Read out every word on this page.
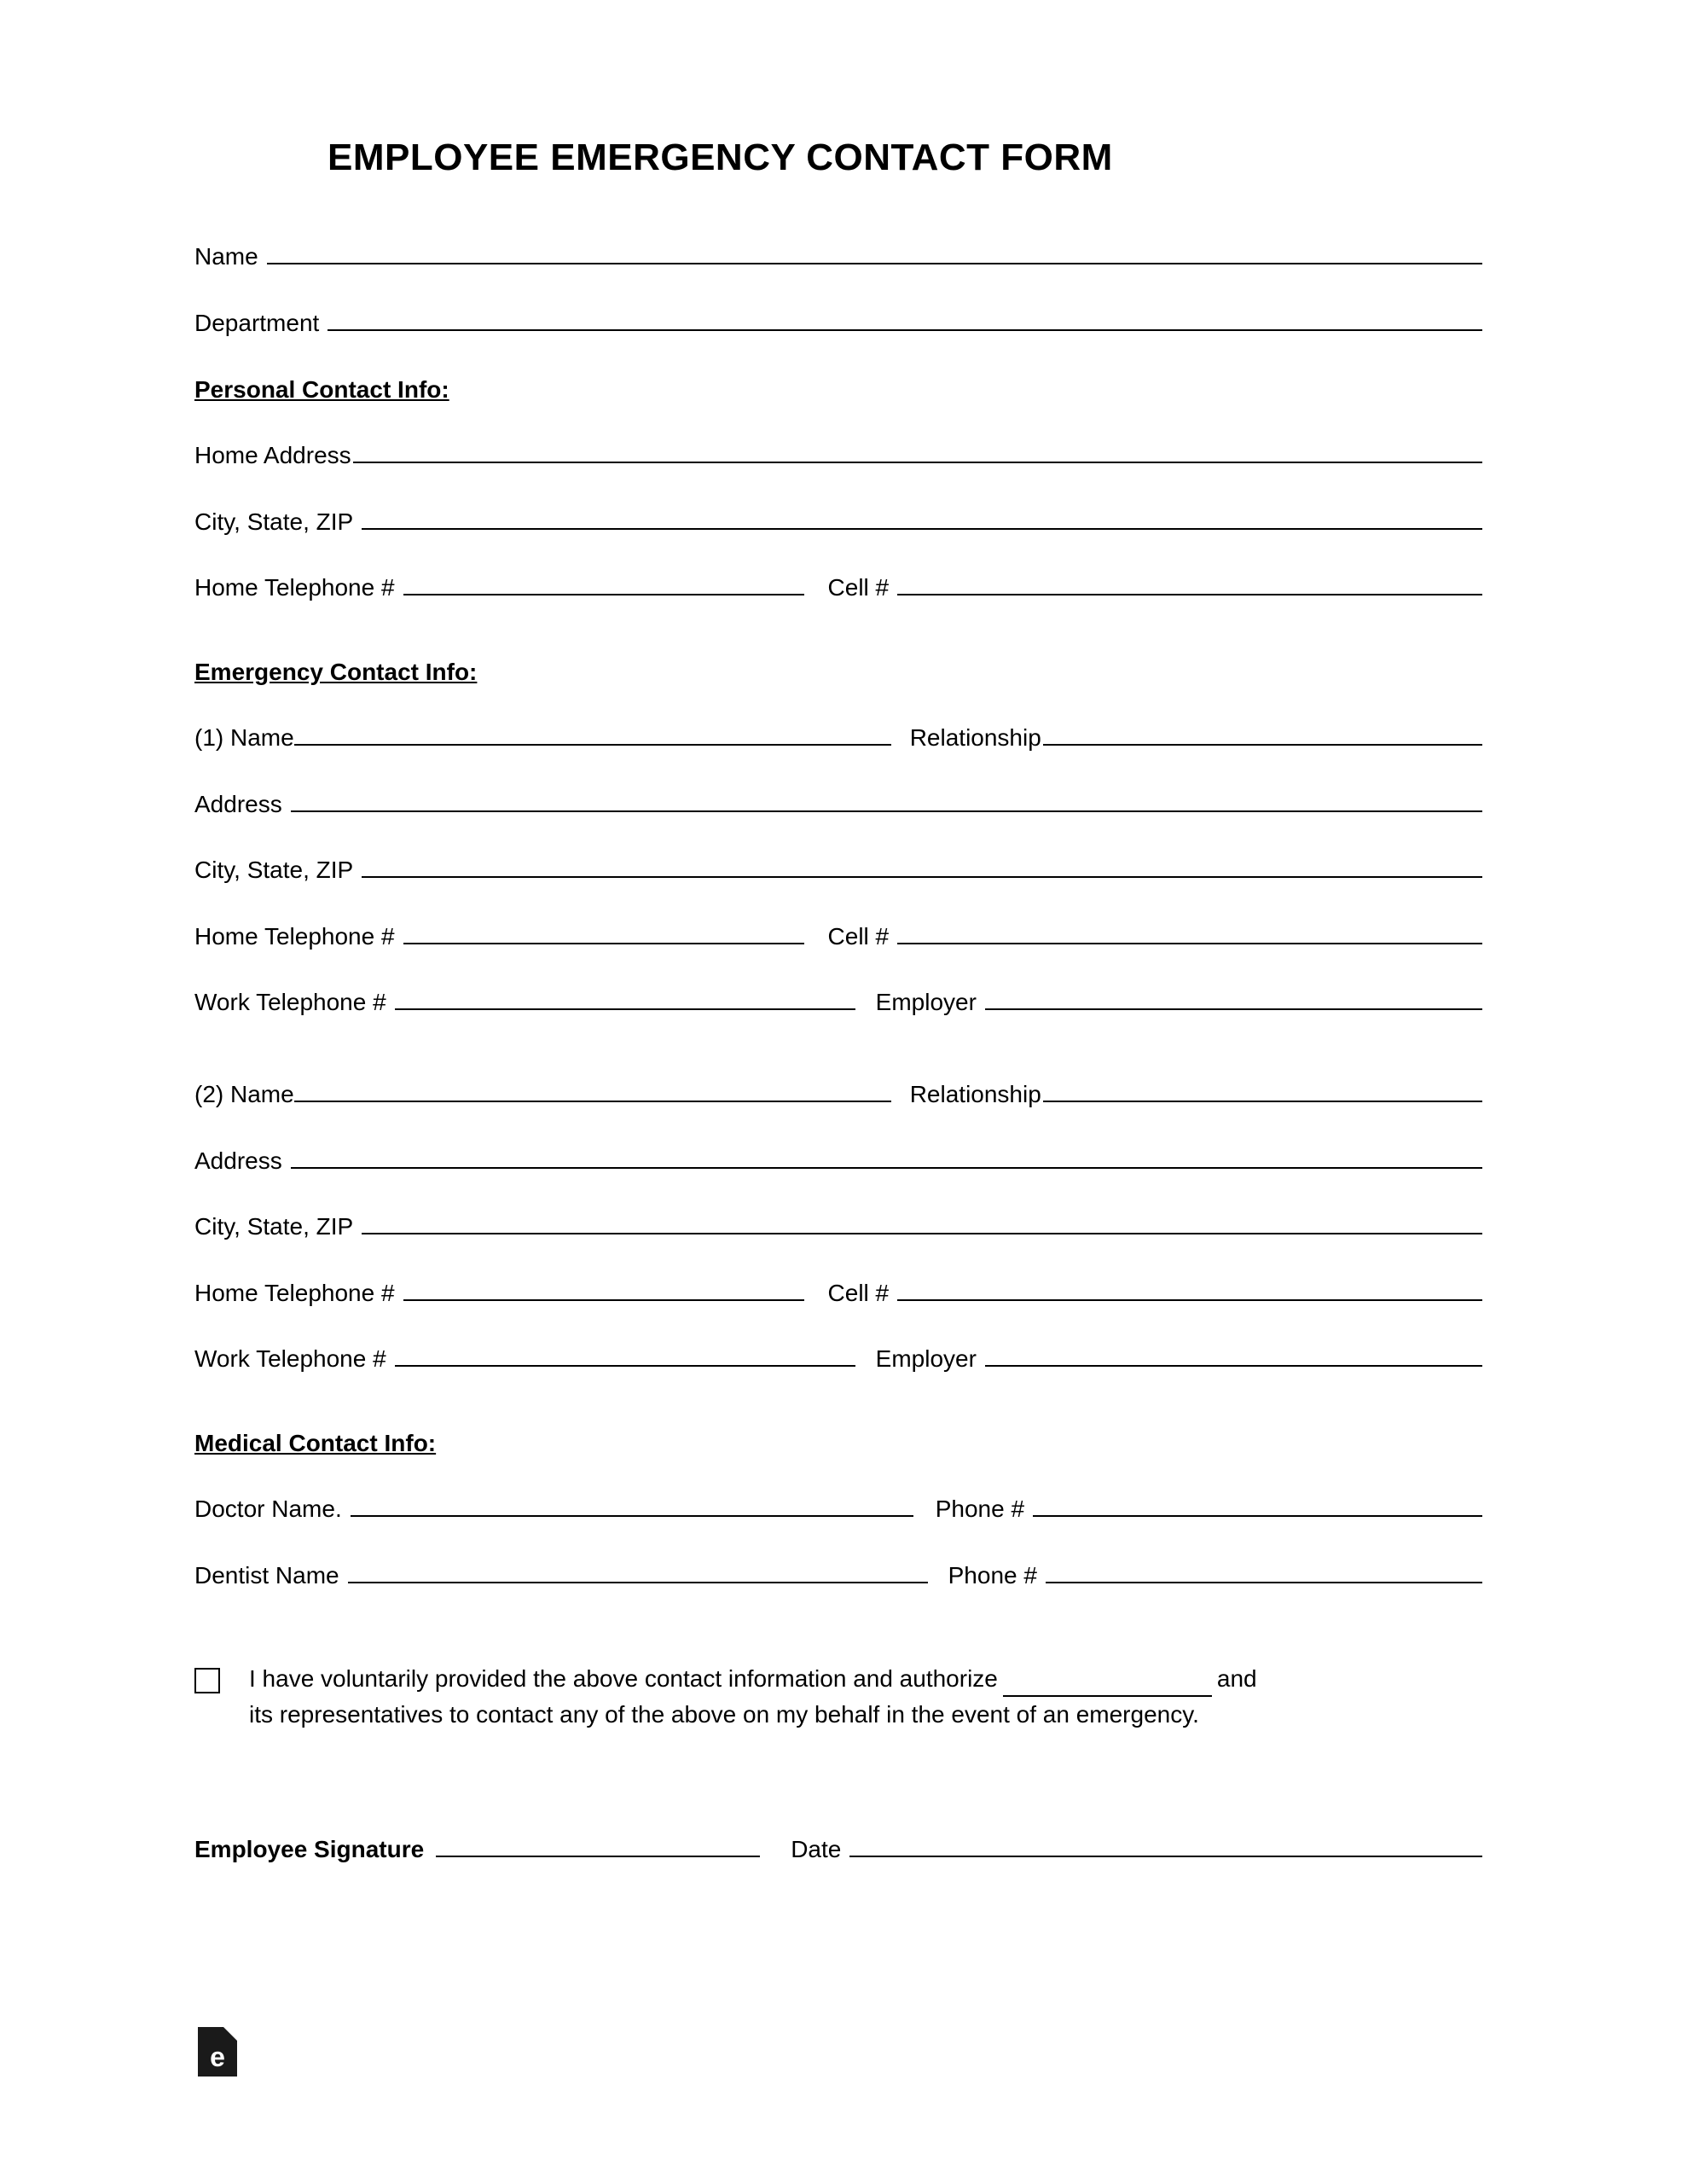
EMPLOYEE EMERGENCY CONTACT FORM
Name
Department
Personal Contact Info:
Home Address
City, State, ZIP
Home Telephone #	Cell #
Emergency Contact Info:
(1) Name	Relationship
Address
City, State, ZIP
Home Telephone #	Cell #
Work Telephone #	Employer
(2) Name	Relationship
Address
City, State, ZIP
Home Telephone #	Cell #
Work Telephone #	Employer
Medical Contact Info:
Doctor Name.	Phone #
Dentist Name	Phone #
I have voluntarily provided the above contact information and authorize	and
its representatives to contact any of the above on my behalf in the event of an emergency.
Employee Signature	Date
e
